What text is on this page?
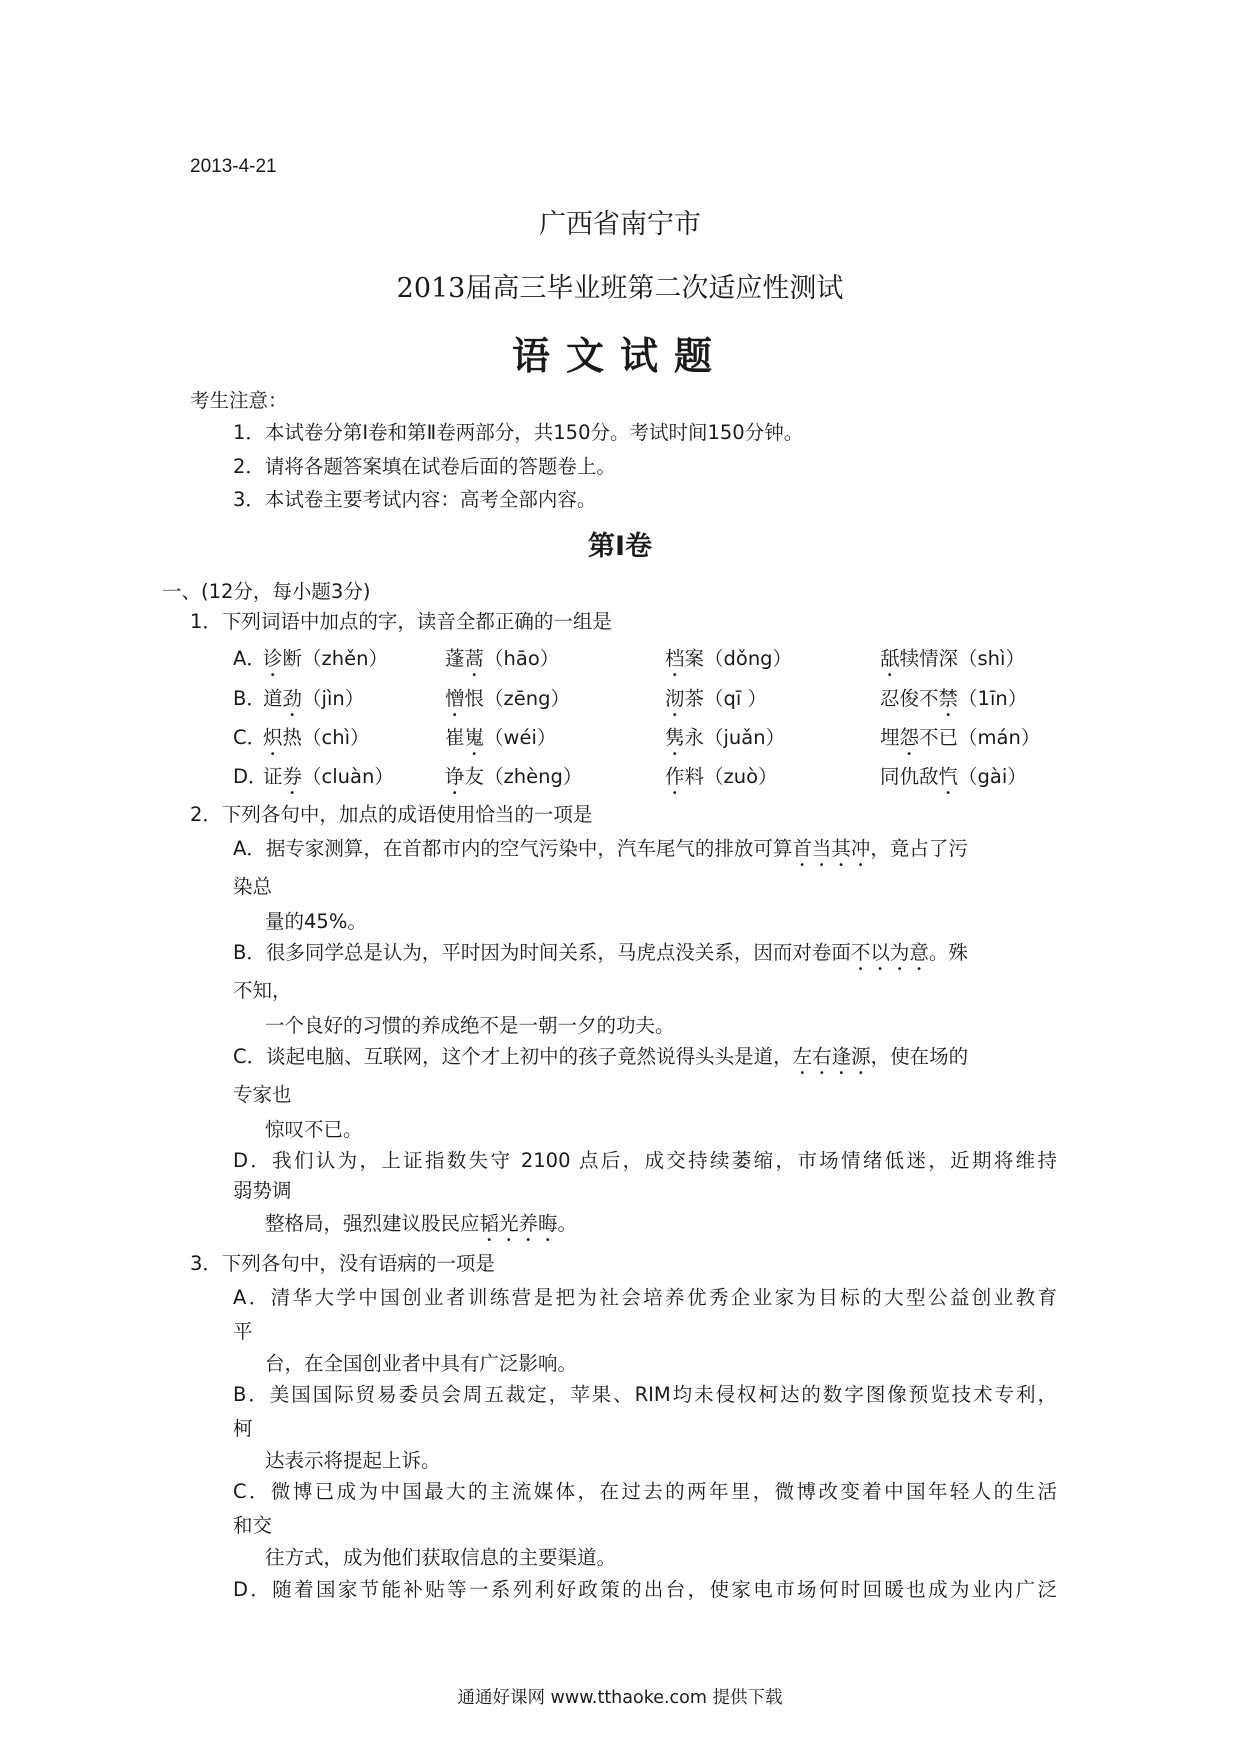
2013-4-21
广西省南宁市
2013届高三毕业班第二次适应性测试
语文试题
考生注意：
1．本试卷分第Ⅰ卷和第Ⅱ卷两部分，共150分。考试时间150分钟。
2．请将各题答案填在试卷后面的答题卷上。
3．本试卷主要考试内容：高考全部内容。
第Ⅰ卷
一、(12分，每小题3分)
1．下列词语中加点的字，读音全都正确的一组是
A．
诊断（zhěn）	蓬蒿（hāo）	档案（dǒng）	舐犊情深（shì）
B．
道劲（jìn）	憎恨（zēng）	沏茶（qī ）	忍俊不禁（1īn）
C．
炽热（chì）	崔嵬（wéi）	隽永（juǎn）	埋怨不已（mán）
D．
证券（cluàn）	诤友（zhèng）	作料（zuò）	同仇敌忾（gài）
2．下列各句中，加点的成语使用恰当的一项是
A．据专家测算，在首都市内的空气污染中，汽车尾气的排放可算首当其冲，竟占了污
染总
量的45%。
B．很多同学总是认为，平时因为时间关系，马虎点没关系，因而对卷面不以为意。殊
不知，
一个良好的习惯的养成绝不是一朝一夕的功夫。
C．谈起电脑、互联网，这个才上初中的孩子竟然说得头头是道，左右逢源，使在场的
专家也
惊叹不已。
D．我们认为，上证指数失守 2100 点后，成交持续萎缩，市场情绪低迷，近期将维持
弱势调
整格局，强烈建议股民应韬光养晦。
3．下列各句中，没有语病的一项是
A．清华大学中国创业者训练营是把为社会培养优秀企业家为目标的大型公益创业教育
平
台，在全国创业者中具有广泛影响。
B．美国国际贸易委员会周五裁定，苹果、RIM均未侵权柯达的数字图像预览技术专利，
柯
达表示将提起上诉。
C．微博已成为中国最大的主流媒体，在过去的两年里，微博改变着中国年轻人的生活
和交
往方式，成为他们获取信息的主要渠道。
D．随着国家节能补贴等一系列利好政策的出台，使家电市场何时回暖也成为业内广泛
通通好课网 www.tthaoke.com 提供下载
